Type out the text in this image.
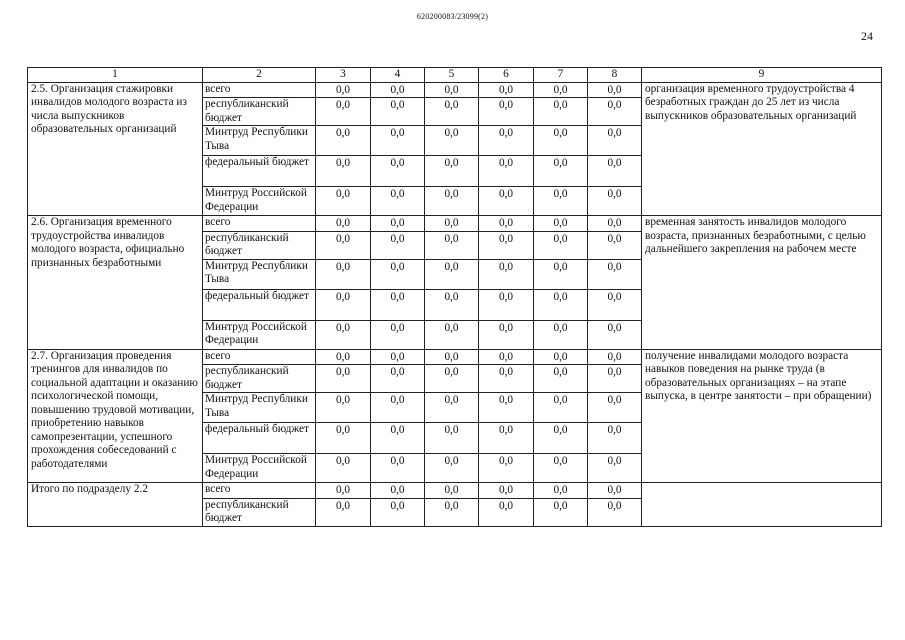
620200083/23099(2)
24
1	2	3	4	5	6	7	8	9
2.5. Организация стажировки инвалидов молодого возраста из числа выпускников образовательных организаций	всего	0,0	0,0	0,0	0,0	0,0	0,0	организация временного трудоустройства 4 безработных граждан до 25 лет из числа выпускников образовательных организаций
	республиканский бюджет	0,0	0,0	0,0	0,0	0,0	0,0	
	Минтруд Республики Тыва	0,0	0,0	0,0	0,0	0,0	0,0	
	федеральный бюджет	0,0	0,0	0,0	0,0	0,0	0,0	
	Минтруд Российской Федерации	0,0	0,0	0,0	0,0	0,0	0,0	
2.6. Организация временного трудоустройства инвалидов молодого возраста, официально признанных безработными	всего	0,0	0,0	0,0	0,0	0,0	0,0	временная занятость инвалидов молодого возраста, признанных безработными, с целью дальнейшего закрепления на рабочем месте
	республиканский бюджет	0,0	0,0	0,0	0,0	0,0	0,0	
	Минтруд Республики Тыва	0,0	0,0	0,0	0,0	0,0	0,0	
	федеральный бюджет	0,0	0,0	0,0	0,0	0,0	0,0	
	Минтруд Российской Федерации	0,0	0,0	0,0	0,0	0,0	0,0	
2.7. Организация проведения тренингов для инвалидов по социальной адаптации и оказанию психологической помощи, повышению трудовой мотивации, приобретению навыков самопрезентации, успешного прохождения собеседований с работодателями	всего	0,0	0,0	0,0	0,0	0,0	0,0	получение инвалидами молодого возраста навыков поведения на рынке труда (в образовательных организациях – на этапе выпуска, в центре занятости – при обращении)
	республиканский бюджет	0,0	0,0	0,0	0,0	0,0	0,0	
	Минтруд Республики Тыва	0,0	0,0	0,0	0,0	0,0	0,0	
	федеральный бюджет	0,0	0,0	0,0	0,0	0,0	0,0	
	Минтруд Российской Федерации	0,0	0,0	0,0	0,0	0,0	0,0	
Итого по подразделу 2.2	всего	0,0	0,0	0,0	0,0	0,0	0,0	
	республиканский бюджет	0,0	0,0	0,0	0,0	0,0	0,0	
